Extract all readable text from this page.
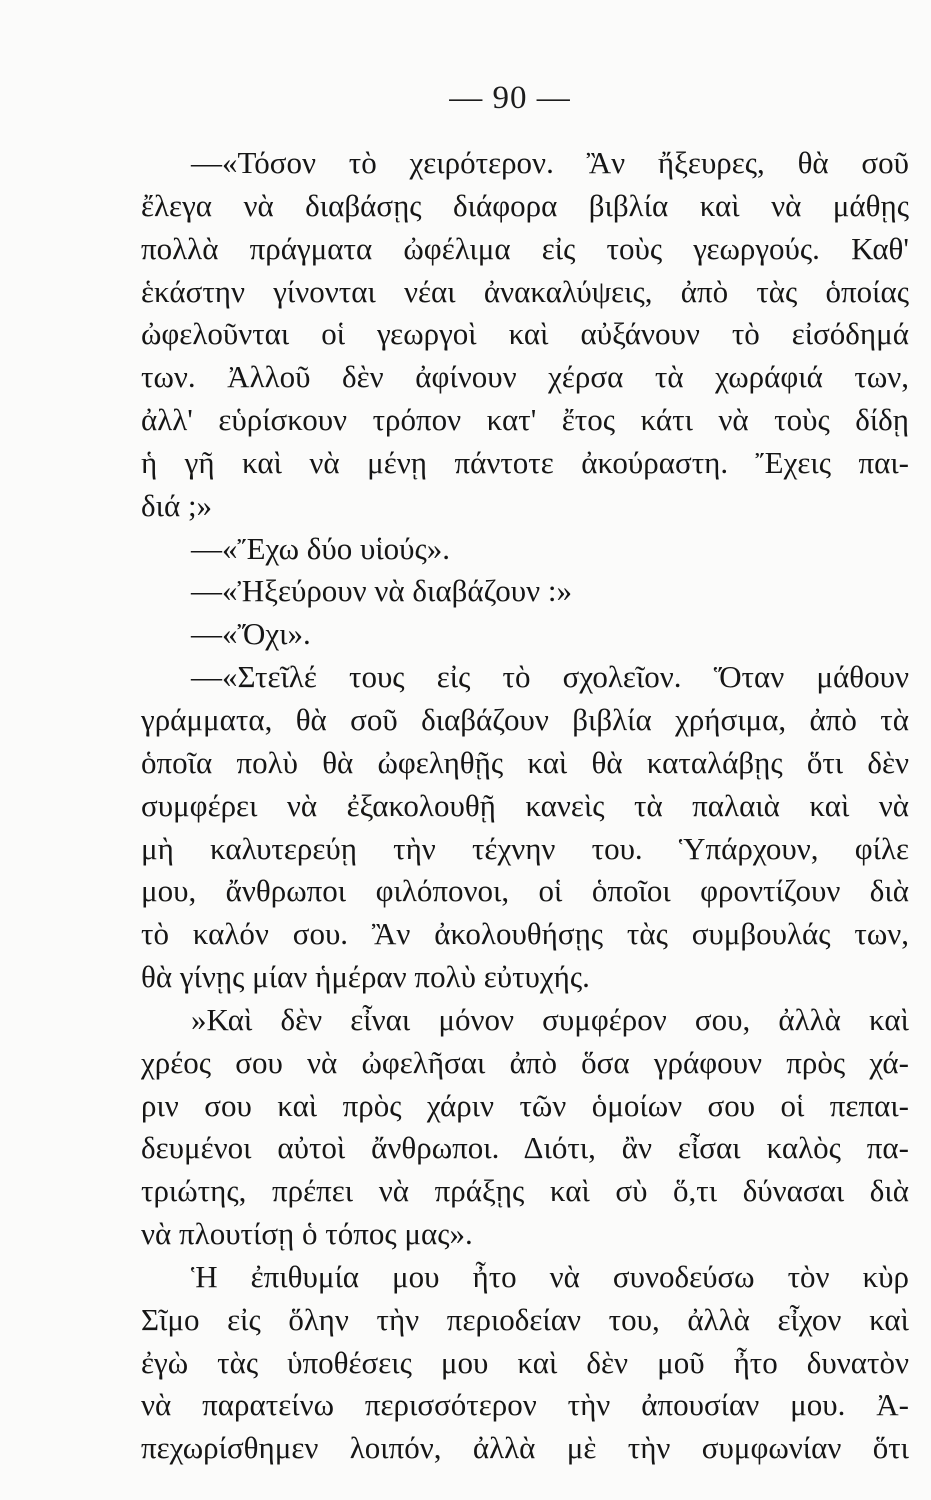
— 90 —
—«Τόσον τὸ χειρότερον. Ἂν ἤξευρες, θὰ σοῦ
ἔλεγα νὰ διαβάσῃς διάφορα βιβλία καὶ νὰ μάθῃς
πολλὰ πράγματα ὠφέλιμα εἰς τοὺς γεωργούς. Καθ'
ἑκάστην γίνονται νέαι ἀνακαλύψεις, ἀπὸ τὰς ὁποίας
ὠφελοῦνται οἱ γεωργοὶ καὶ αὐξάνουν τὸ εἰσόδημά
των. Ἀλλοῦ δὲν ἀφίνουν χέρσα τὰ χωράφιά των,
ἀλλ' εὑρίσκουν τρόπον κατ' ἔτος κάτι νὰ τοὺς δίδῃ
ἡ γῆ καὶ νὰ μένῃ πάντοτε ἀκούραστη. Ἔχεις παι-
διά ;»
—«Ἔχω δύο υἱούς».
—«Ἠξεύρουν νὰ διαβάζουν :»
—«Ὄχι».
—«Στεῖλέ τους εἰς τὸ σχολεῖον. Ὅταν μάθουν
γράμματα, θὰ σοῦ διαβάζουν βιβλία χρήσιμα, ἀπὸ τὰ
ὁποῖα πολὺ θὰ ὠφεληθῇς καὶ θὰ καταλάβῃς ὅτι δὲν
συμφέρει νὰ ἐξακολουθῇ κανεὶς τὰ παλαιὰ καὶ νὰ
μὴ καλυτερεύῃ τὴν τέχνην του. Ὑπάρχουν, φίλε
μου, ἄνθρωποι φιλόπονοι, οἱ ὁποῖοι φροντίζουν διὰ
τὸ καλόν σου. Ἂν ἀκολουθήσῃς τὰς συμβουλάς των,
θὰ γίνῃς μίαν ἡμέραν πολὺ εὐτυχής.
»Καὶ δὲν εἶναι μόνον συμφέρον σου, ἀλλὰ καὶ
χρέος σου νὰ ὠφελῆσαι ἀπὸ ὅσα γράφουν πρὸς χά-
ριν σου καὶ πρὸς χάριν τῶν ὁμοίων σου οἱ πεπαι-
δευμένοι αὐτοὶ ἄνθρωποι. Διότι, ἂν εἶσαι καλὸς πα-
τριώτης, πρέπει νὰ πράξῃς καὶ σὺ ὅ,τι δύνασαι διὰ
νὰ πλουτίσῃ ὁ τόπος μας».
Ἡ ἐπιθυμία μου ἦτο νὰ συνοδεύσω τὸν κὺρ
Σῖμο εἰς ὅλην τὴν περιοδείαν του, ἀλλὰ εἶχον καὶ
ἐγὼ τὰς ὑποθέσεις μου καὶ δὲν μοῦ ἦτο δυνατὸν
νὰ παρατείνω περισσότερον τὴν ἀπουσίαν μου. Ἀ-
πεχωρίσθημεν λοιπόν, ἀλλὰ μὲ τὴν συμφωνίαν ὅτι
